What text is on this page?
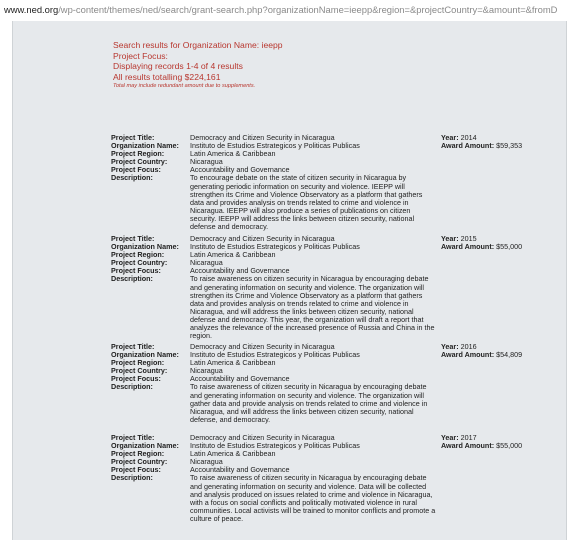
www.ned.org/wp-content/themes/ned/search/grant-search.php?organizationName=ieepp&region=&projectCountry=&amount=&fromD
Search results for Organization Name: ieepp
Project Focus:
Displaying records 1-4 of 4 results
All results totalling $224,161
Total may include redundant amount due to supplements.
Project Title:	Democracy and Citizen Security in Nicaragua
Organization Name:	Instituto de Estudios Estrategicos y Politicas Publicas
Project Region:	Latin America & Caribbean
Project Country:	Nicaragua
Project Focus:	Accountability and Governance
Description:	To encourage debate on the state of citizen security in Nicaragua by generating periodic information on security and violence. IEEPP will strengthen its Crime and Violence Observatory as a platform that gathers data and provides analysis on trends related to crime and violence in Nicaragua. IEEPP will also produce a series of publications on citizen security. IEEPP will address the links between citizen security, national defense and democracy.
Year: 2014
Award Amount: $59,353
Project Title:	Democracy and Citizen Security in Nicaragua
Organization Name:	Instituto de Estudios Estrategicos y Politicas Publicas
Project Region:	Latin America & Caribbean
Project Country:	Nicaragua
Project Focus:	Accountability and Governance
Description:	To raise awareness on citizen security in Nicaragua by encouraging debate and generating information on security and violence. The organization will strengthen its Crime and Violence Observatory as a platform that gathers data and provides analysis on trends related to crime and violence in Nicaragua, and will address the links between citizen security, national defense and democracy. This year, the organization will draft a report that analyzes the relevance of the increased presence of Russia and China in the region.
Year: 2015
Award Amount: $55,000
Project Title:	Democracy and Citizen Security in Nicaragua
Organization Name:	Instituto de Estudios Estrategicos y Politicas Publicas
Project Region:	Latin America & Caribbean
Project Country:	Nicaragua
Project Focus:	Accountability and Governance
Description:	To raise awareness of citizen security in Nicaragua by encouraging debate and generating information on security and violence. The organization will gather data and provide analysis on trends related to crime and violence in Nicaragua, and will address the links between citizen security, national defense, and democracy.
Year: 2016
Award Amount: $54,809
Project Title:	Democracy and Citizen Security in Nicaragua
Organization Name:	Instituto de Estudios Estrategicos y Politicas Publicas
Project Region:	Latin America & Caribbean
Project Country:	Nicaragua
Project Focus:	Accountability and Governance
Description:	To raise awareness of citizen security in Nicaragua by encouraging debate and generating information on security and violence. Data will be collected and analysis produced on issues related to crime and violence in Nicaragua, with a focus on social conflicts and politically motivated violence in rural communities. Local activists will be trained to monitor conflicts and promote a culture of peace.
Year: 2017
Award Amount: $55,000
